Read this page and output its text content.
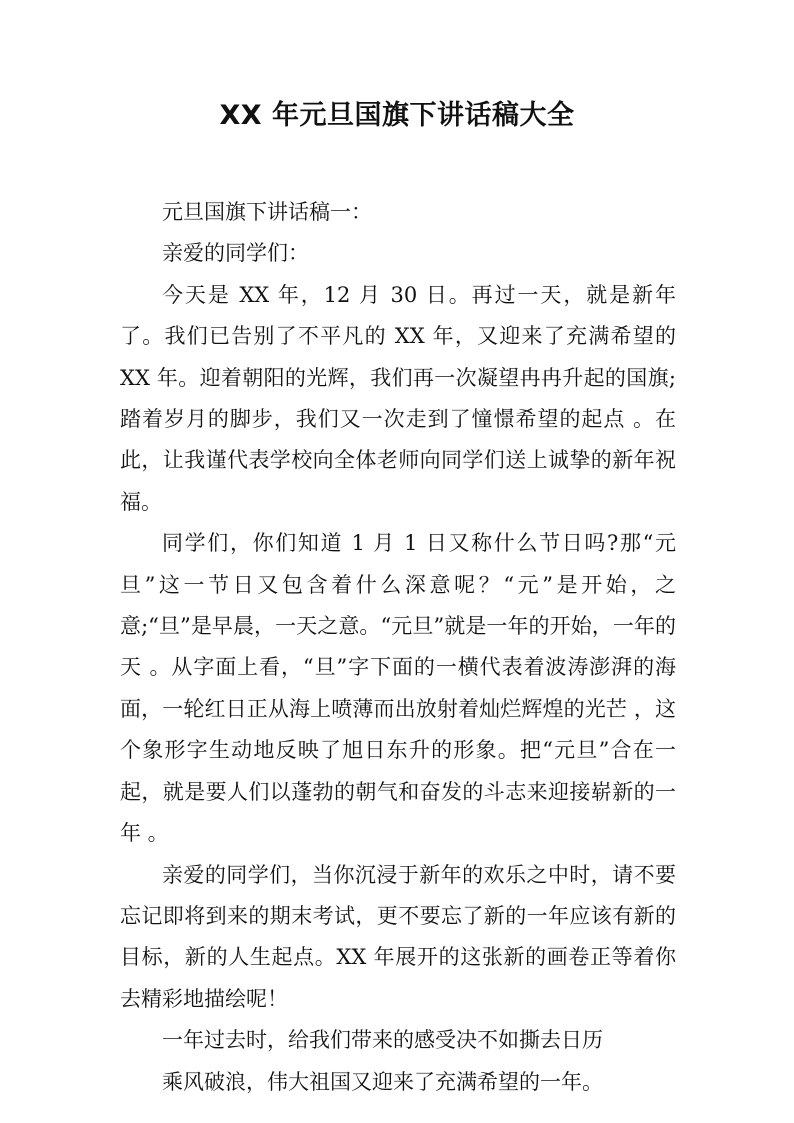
XX 年元旦国旗下讲话稿大全

元旦国旗下讲话稿一：

亲爱的同学们：

今天是 XX 年，12 月 30 日。再过一天，就是新年了。我们已告别了不平凡的 XX 年，又迎来了充满希望的 XX 年。迎着朝阳的光辉，我们再一次凝望冉冉升起的国旗;踏着岁月的脚步，我们又一次走到了憧憬希望的起点 。在此，让我谨代表学校向全体老师向同学们送上诚挚的新年祝福。

同学们，你们知道 1 月 1 日又称什么节日吗?那“元旦”这一节日又包含着什么深意呢？“元”是开始，之意;“旦”是早晨，一天之意。“元旦”就是一年的开始，一年的天 。从字面上看，“旦”字下面的一横代表着波涛澎湃的海面，一轮红日正从海上喷薄而出放射着灿烂辉煌的光芒 ，这个象形字生动地反映了旭日东升的形象。把“元旦”合在一起，就是要人们以蓬勃的朝气和奋发的斗志来迎接崭新的一年 。

亲爱的同学们，当你沉浸于新年的欢乐之中时，请不要忘记即将到来的期末考试，更不要忘了新的一年应该有新的目标，新的人生起点。XX 年展开的这张新的画卷正等着你去精彩地描绘呢！

一年过去时，给我们带来的感受决不如撕去日历

乘风破浪，伟大祖国又迎来了充满希望的一年。
